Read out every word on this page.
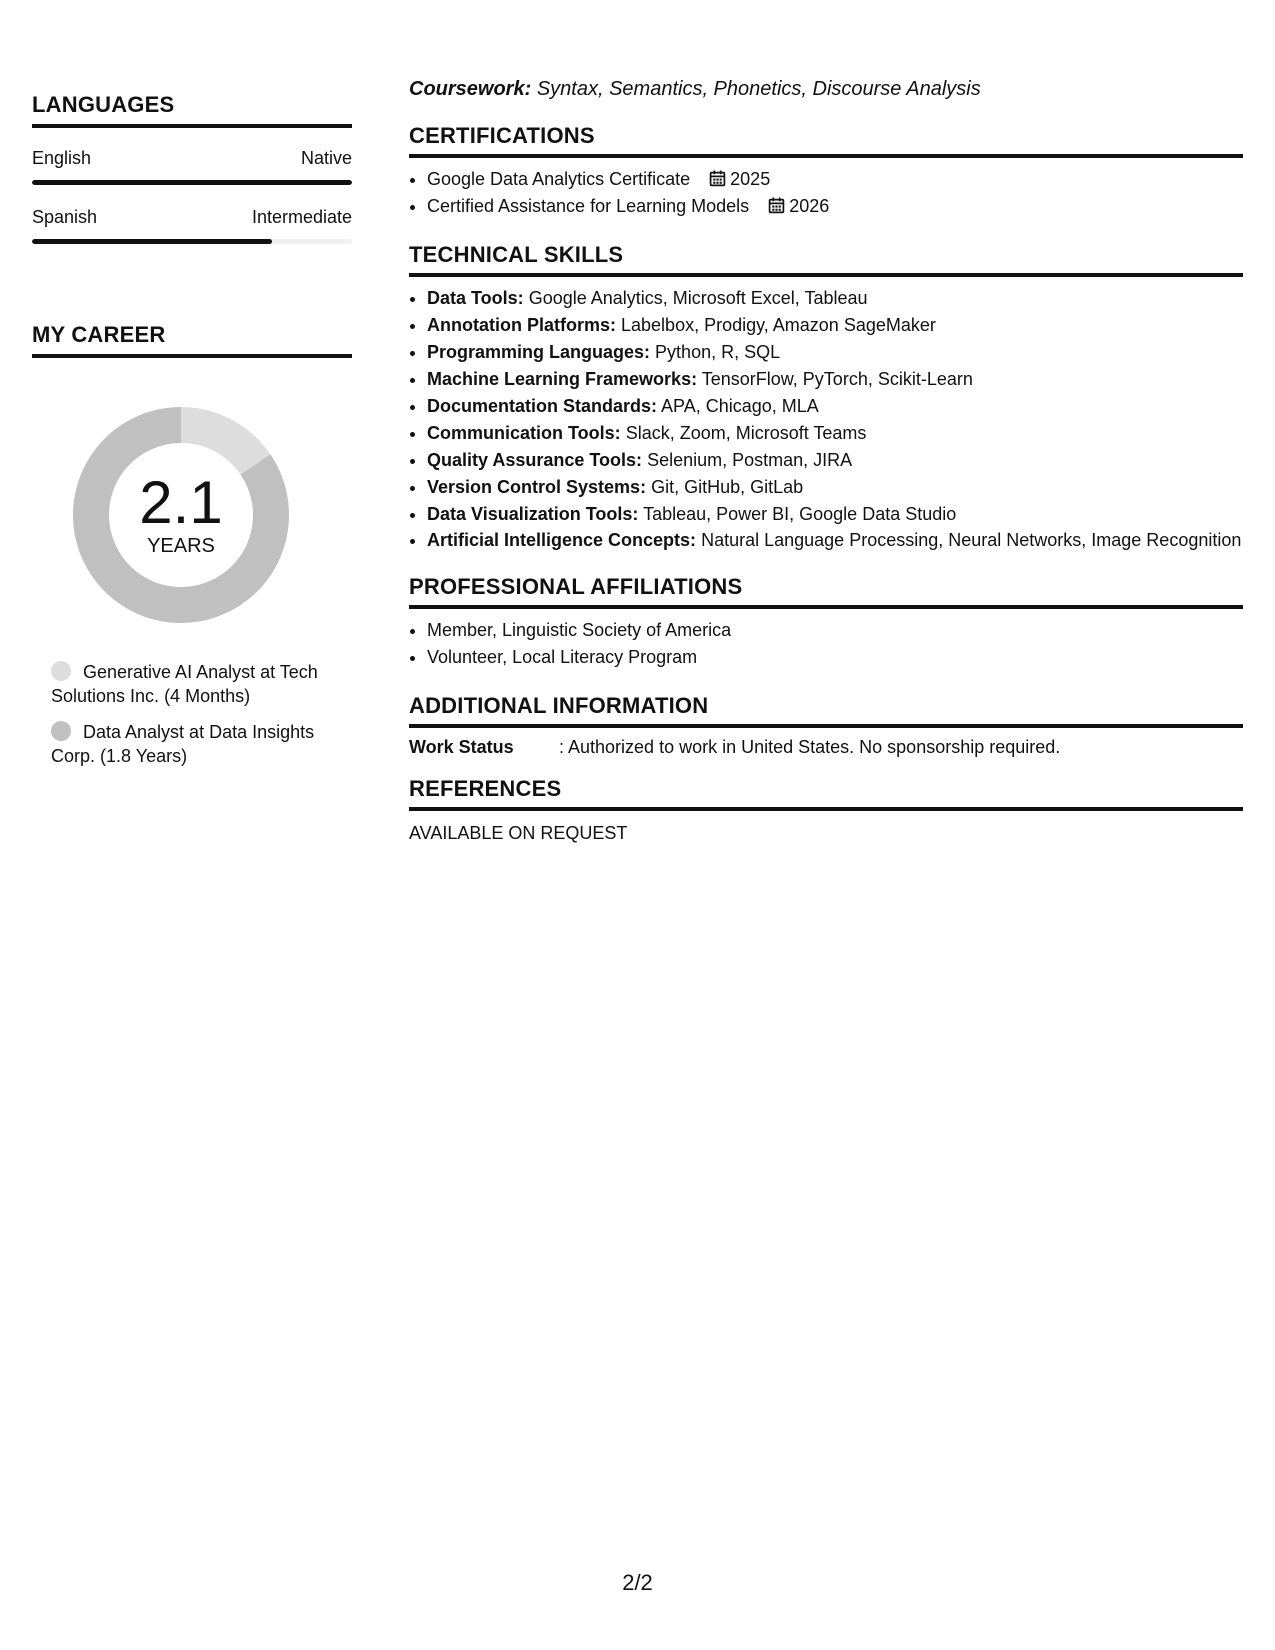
LANGUAGES
English	Native
Spanish	Intermediate
MY CAREER
2.1
YEARS
Generative AI Analyst at Tech Solutions Inc. (4 Months)
Data Analyst at Data Insights Corp. (1.8 Years)
Coursework: Syntax, Semantics, Phonetics, Discourse Analysis
CERTIFICATIONS
• Google Data Analytics Certificate 2025
• Certified Assistance for Learning Models 2026
TECHNICAL SKILLS
• Data Tools: Google Analytics, Microsoft Excel, Tableau
• Annotation Platforms: Labelbox, Prodigy, Amazon SageMaker
• Programming Languages: Python, R, SQL
• Machine Learning Frameworks: TensorFlow, PyTorch, Scikit-Learn
• Documentation Standards: APA, Chicago, MLA
• Communication Tools: Slack, Zoom, Microsoft Teams
• Quality Assurance Tools: Selenium, Postman, JIRA
• Version Control Systems: Git, GitHub, GitLab
• Data Visualization Tools: Tableau, Power BI, Google Data Studio
• Artificial Intelligence Concepts: Natural Language Processing, Neural Networks, Image Recognition
PROFESSIONAL AFFILIATIONS
• Member, Linguistic Society of America
• Volunteer, Local Literacy Program
ADDITIONAL INFORMATION
Work Status	: Authorized to work in United States. No sponsorship required.
REFERENCES
AVAILABLE ON REQUEST
2/2
